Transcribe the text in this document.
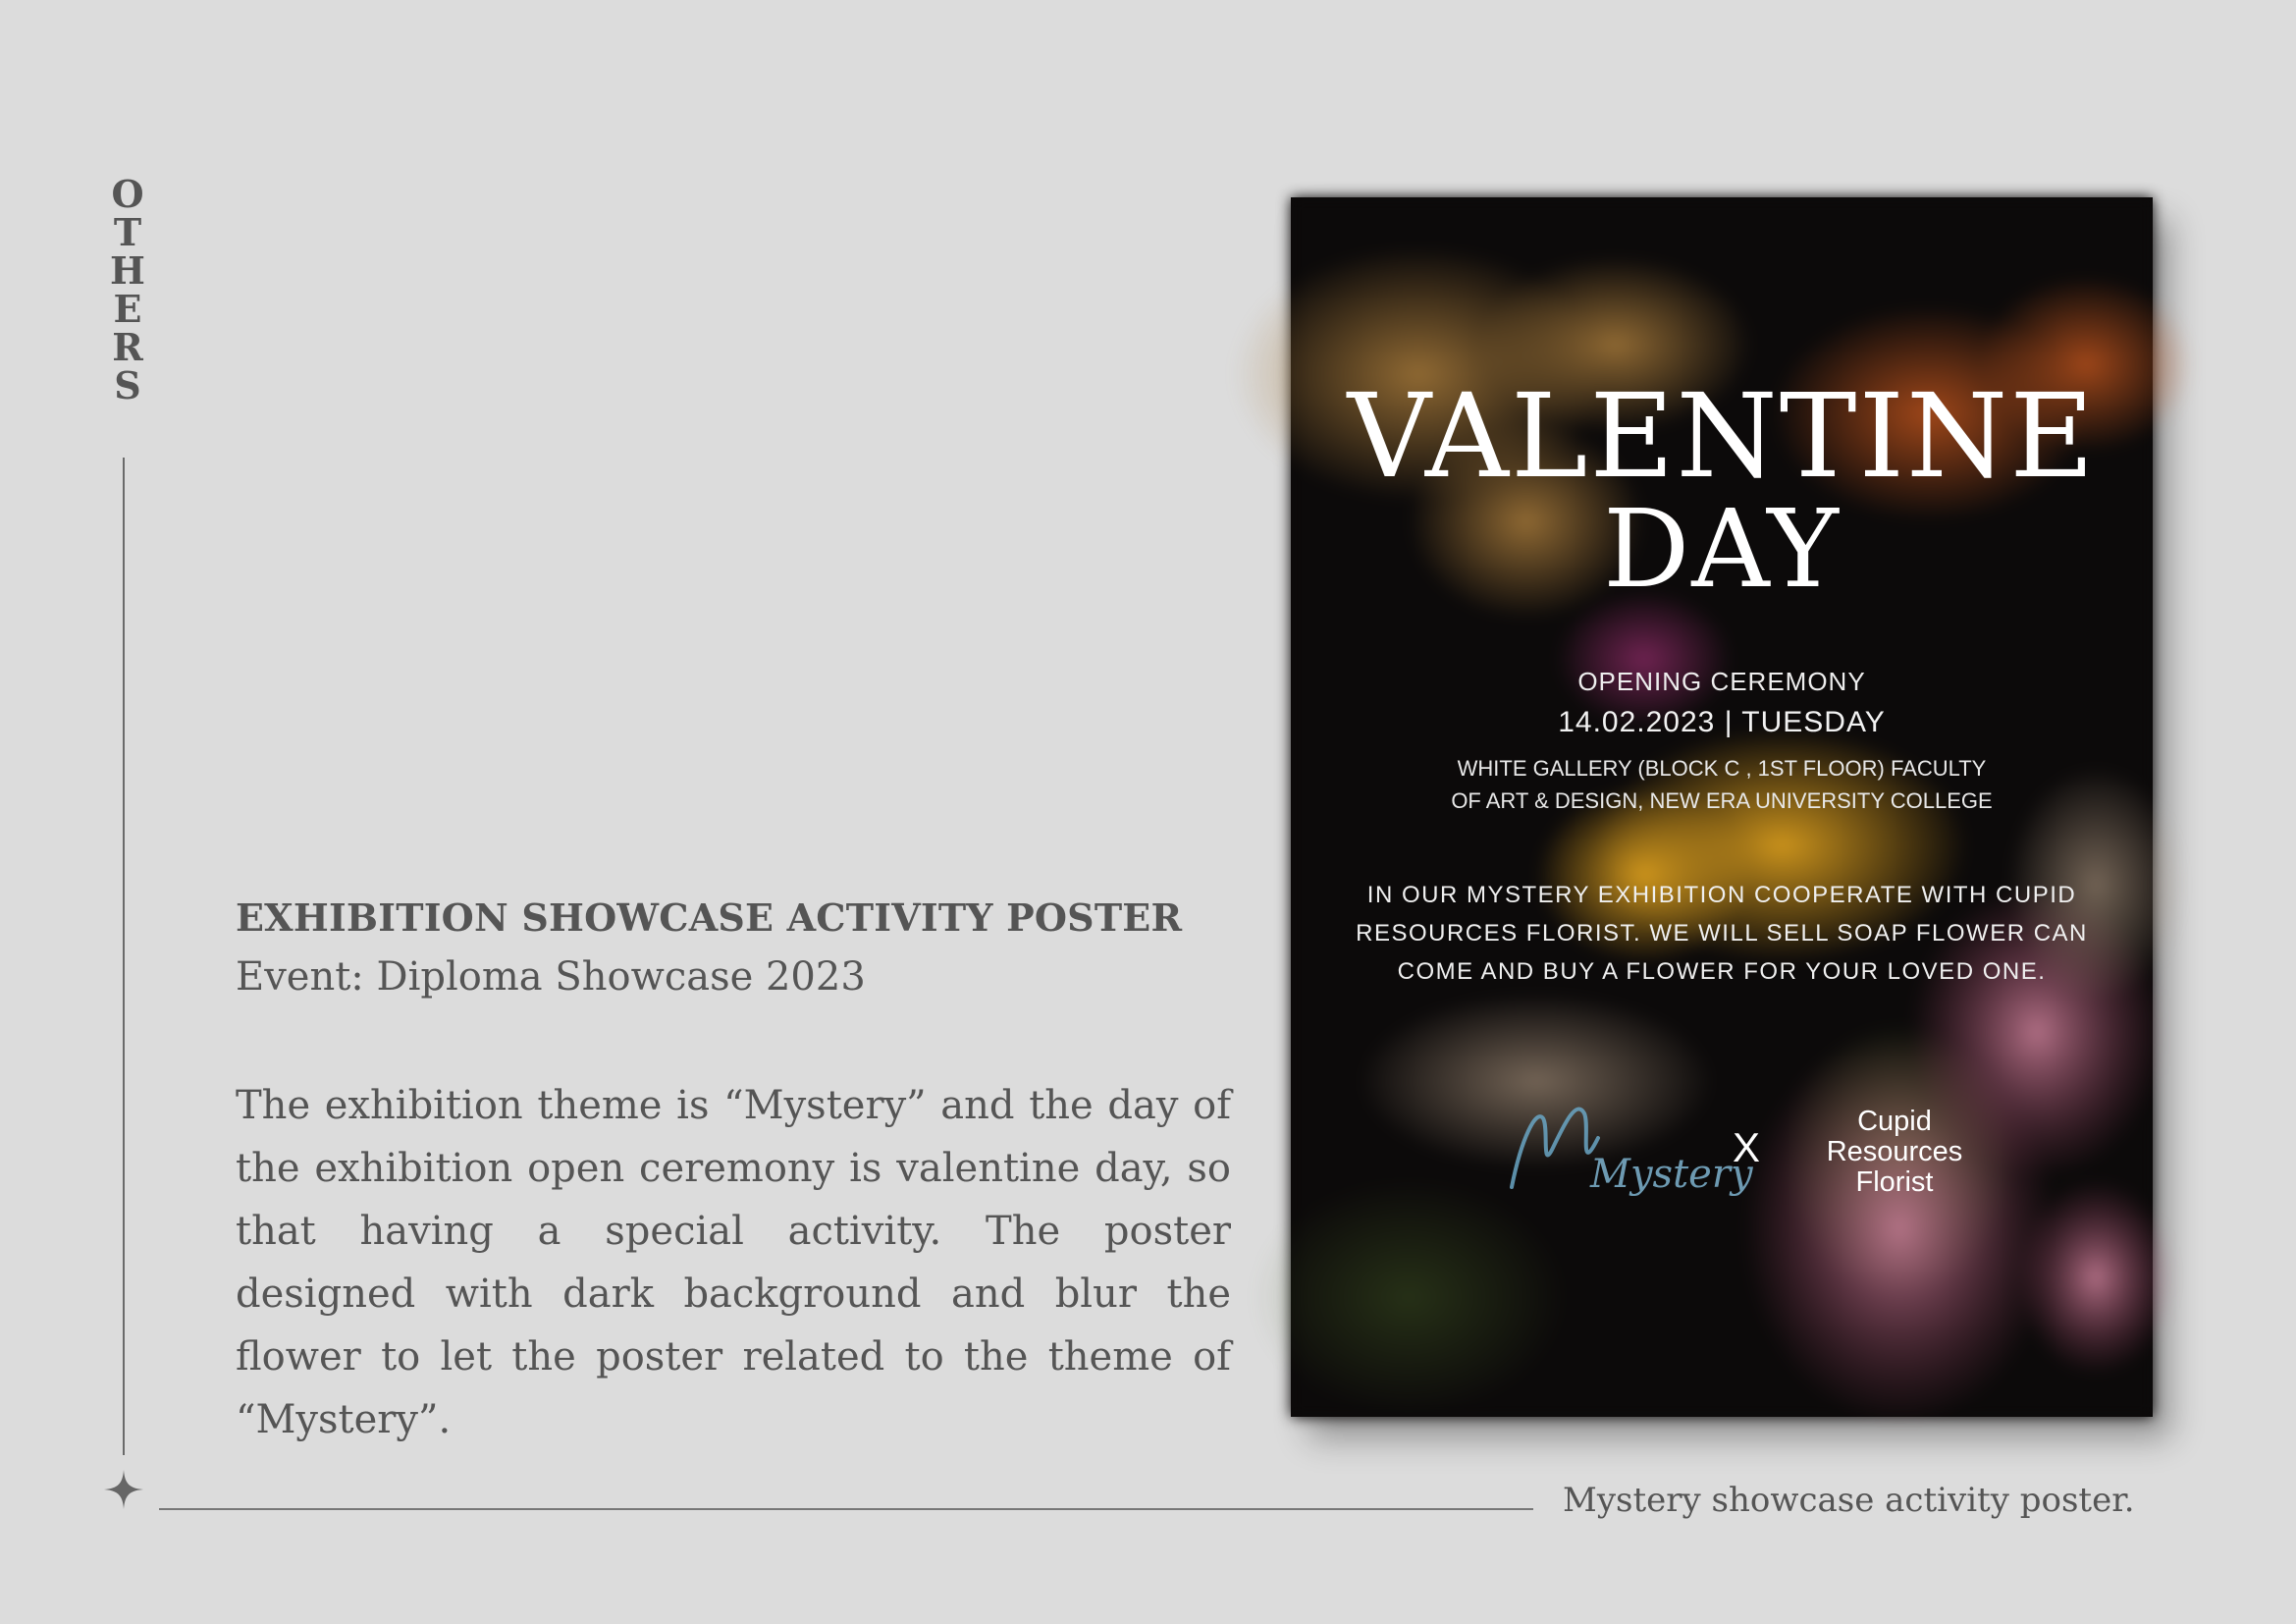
OTHERS
Mystery showcase activity poster.
EXHIBITION SHOWCASE ACTIVITY POSTER
Event: Diploma Showcase 2023
The exhibition theme is “Mystery” and the day of the exhibition open ceremony is valentine day, so that having a special activity. The poster designed with dark background and blur the flower to let the poster related to the theme of “Mystery”.
VALENTINE
DAY
OPENING CEREMONY
14.02.2023 | TUESDAY
WHITE GALLERY (BLOCK C , 1ST FLOOR) FACULTY
OF ART & DESIGN, NEW ERA UNIVERSITY COLLEGE
IN OUR MYSTERY EXHIBITION COOPERATE WITH CUPID
RESOURCES FLORIST. WE WILL SELL SOAP FLOWER CAN
COME AND BUY A FLOWER FOR YOUR LOVED ONE.
Mystery
X
Cupid
Resources
Florist
